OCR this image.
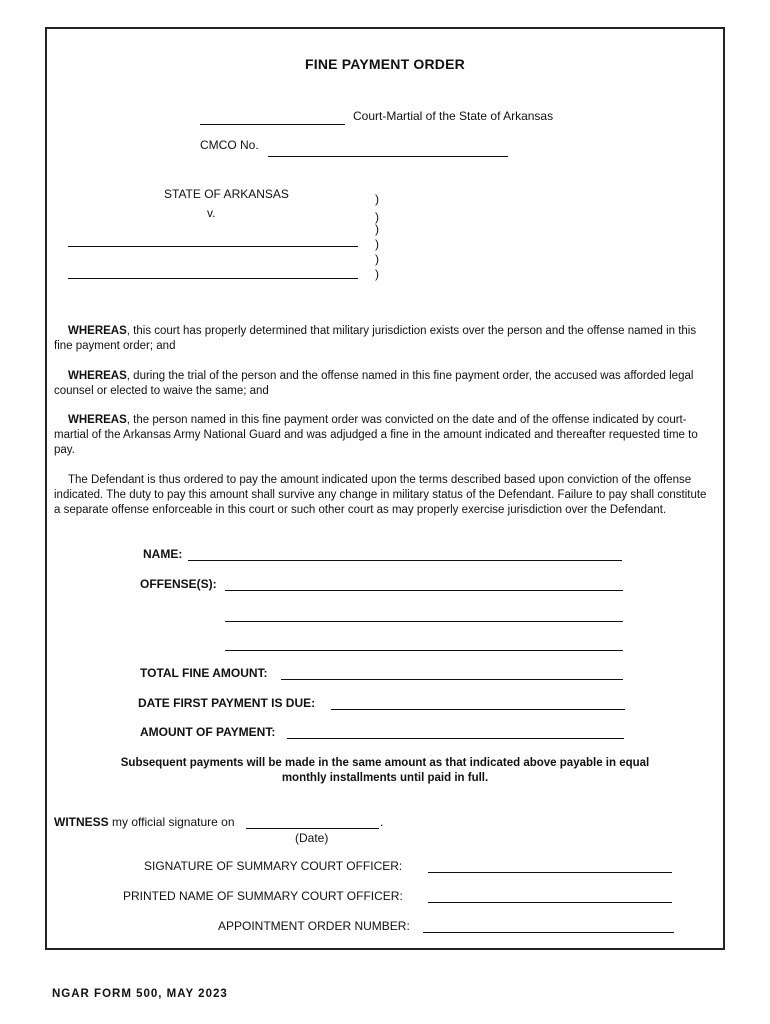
FINE PAYMENT ORDER
Court-Martial of the State of Arkansas
CMCO No.
STATE OF ARKANSAS
v.
)
)
)
)
)
)
WHEREAS, this court has properly determined that military jurisdiction exists over the person and the offense named in this fine payment order; and
WHEREAS, during the trial of the person and the offense named in this fine payment order, the accused was afforded legal counsel or elected to waive the same; and
WHEREAS, the person named in this fine payment order was convicted on the date and of the offense indicated by court-martial of the Arkansas Army National Guard and was adjudged a fine in the amount indicated and thereafter requested time to pay.
The Defendant is thus ordered to pay the amount indicated upon the terms described based upon conviction of the offense indicated. The duty to pay this amount shall survive any change in military status of the Defendant. Failure to pay shall constitute a separate offense enforceable in this court or such other court as may properly exercise jurisdiction over the Defendant.
NAME:
OFFENSE(S):
TOTAL FINE AMOUNT:
DATE FIRST PAYMENT IS DUE:
AMOUNT OF PAYMENT:
Subsequent payments will be made in the same amount as that indicated above payable in equal monthly installments until paid in full.
WITNESS my official signature on	.
(Date)
SIGNATURE OF SUMMARY COURT OFFICER:
PRINTED NAME OF SUMMARY COURT OFFICER:
APPOINTMENT ORDER NUMBER:
NGAR FORM 500, MAY 2023
